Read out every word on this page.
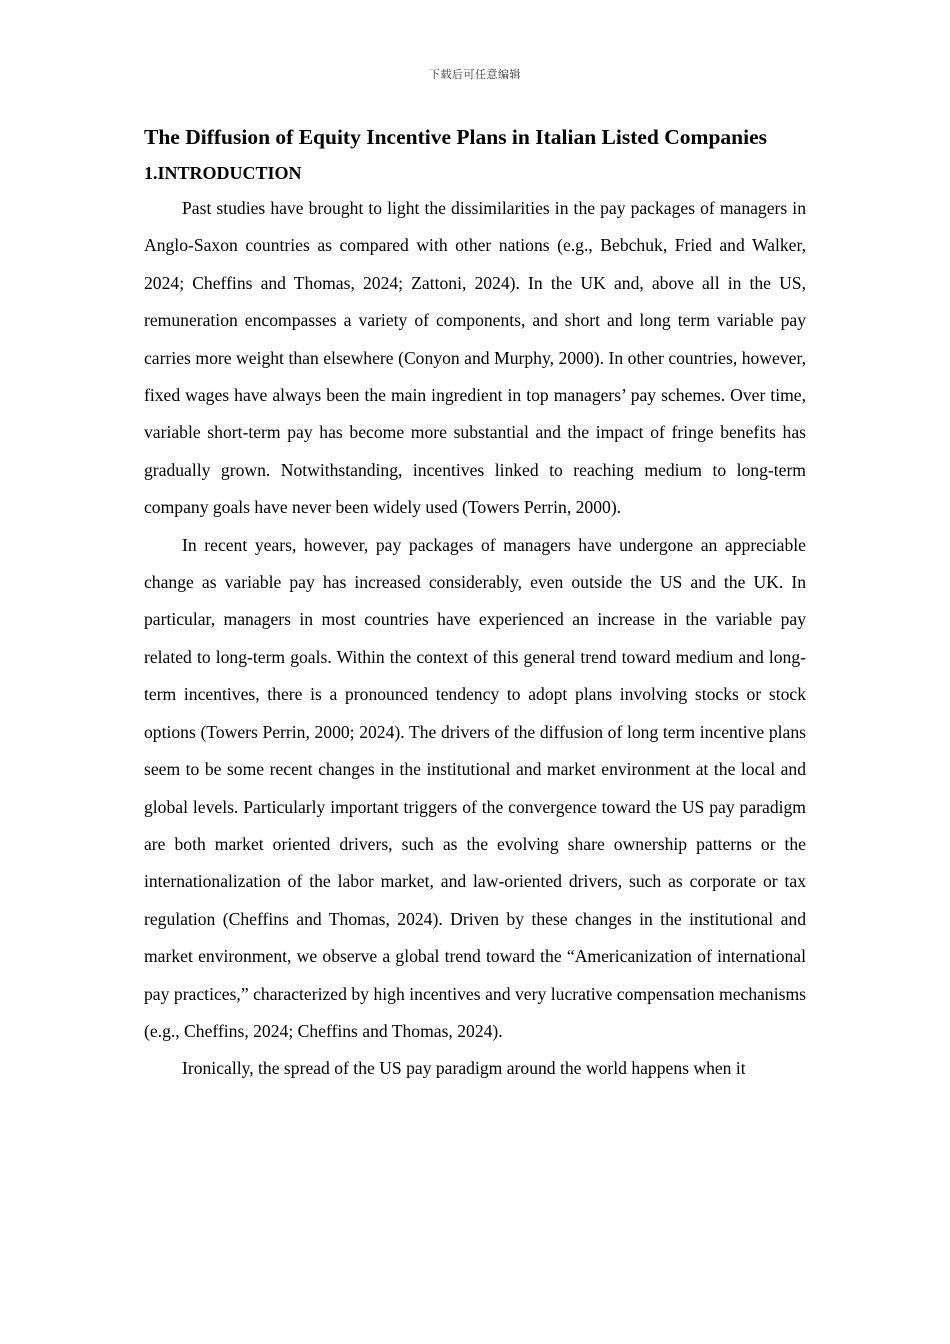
下载后可任意编辑
The Diffusion of Equity Incentive Plans in Italian Listed Companies
1.INTRODUCTION

Past studies have brought to light the dissimilarities in the pay packages of managers in Anglo-Saxon countries as compared with other nations (e.g., Bebchuk, Fried and Walker, 2024; Cheffins and Thomas, 2024; Zattoni, 2024). In the UK and, above all in the US, remuneration encompasses a variety of components, and short and long term variable pay carries more weight than elsewhere (Conyon and Murphy, 2000). In other countries, however, fixed wages have always been the main ingredient in top managers’ pay schemes. Over time, variable short-term pay has become more substantial and the impact of fringe benefits has gradually grown. Notwithstanding, incentives linked to reaching medium to long-term company goals have never been widely used (Towers Perrin, 2000).

In recent years, however, pay packages of managers have undergone an appreciable change as variable pay has increased considerably, even outside the US and the UK. In particular, managers in most countries have experienced an increase in the variable pay related to long-term goals. Within the context of this general trend toward medium and long-term incentives, there is a pronounced tendency to adopt plans involving stocks or stock options (Towers Perrin, 2000; 2024). The drivers of the diffusion of long term incentive plans seem to be some recent changes in the institutional and market environment at the local and global levels. Particularly important triggers of the convergence toward the US pay paradigm are both market oriented drivers, such as the evolving share ownership patterns or the internationalization of the labor market, and law-oriented drivers, such as corporate or tax regulation (Cheffins and Thomas, 2024). Driven by these changes in the institutional and market environment, we observe a global trend toward the “Americanization of international pay practices,” characterized by high incentives and very lucrative compensation mechanisms (e.g., Cheffins, 2024; Cheffins and Thomas, 2024).

Ironically, the spread of the US pay paradigm around the world happens when it
